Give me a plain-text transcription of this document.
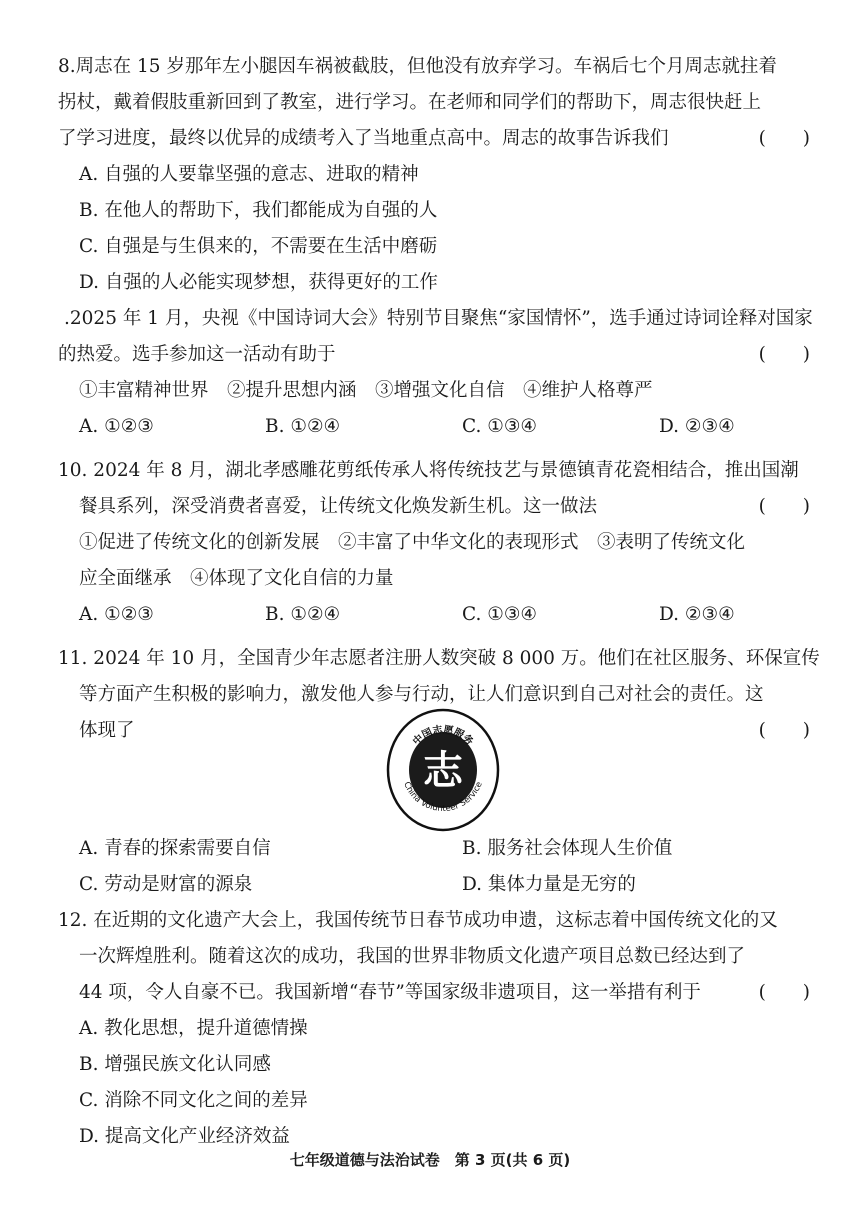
8.周志在 15 岁那年左小腿因车祸被截肢，但他没有放弃学习。车祸后七个月周志就拄着
拐杖，戴着假肢重新回到了教室，进行学习。在老师和同学们的帮助下，周志很快赶上
了学习进度，最终以优异的成绩考入了当地重点高中。周志的故事告诉我们	(　　)
A. 自强的人要靠坚强的意志、进取的精神
B. 在他人的帮助下，我们都能成为自强的人
C. 自强是与生俱来的，不需要在生活中磨砺
D. 自强的人必能实现梦想，获得更好的工作
.2025 年 1 月，央视《中国诗词大会》特别节目聚焦“家国情怀”，选手通过诗词诠释对国家
的热爱。选手参加这一活动有助于	(　　)
①丰富精神世界　②提升思想内涵　③增强文化自信　④维护人格尊严
A. ①②③	B. ①②④	C. ①③④	D. ②③④
10. 2024 年 8 月，湖北孝感雕花剪纸传承人将传统技艺与景德镇青花瓷相结合，推出国潮
餐具系列，深受消费者喜爱，让传统文化焕发新生机。这一做法	(　　)
①促进了传统文化的创新发展　②丰富了中华文化的表现形式　③表明了传统文化
应全面继承　④体现了文化自信的力量
A. ①②③	B. ①②④	C. ①③④	D. ②③④
11. 2024 年 10 月，全国青少年志愿者注册人数突破 8 000 万。他们在社区服务、环保宣传
等方面产生积极的影响力，激发他人参与行动，让人们意识到自己对社会的责任。这
体现了	(　　)
中国志愿服务
志
China Volunteer Service
A. 青春的探索需要自信	B. 服务社会体现人生价值
C. 劳动是财富的源泉	D. 集体力量是无穷的
12. 在近期的文化遗产大会上，我国传统节日春节成功申遗，这标志着中国传统文化的又
一次辉煌胜利。随着这次的成功，我国的世界非物质文化遗产项目总数已经达到了
44 项，令人自豪不已。我国新增“春节”等国家级非遗项目，这一举措有利于	(　　)
A. 教化思想，提升道德情操
B. 增强民族文化认同感
C. 消除不同文化之间的差异
D. 提高文化产业经济效益
七年级道德与法治试卷　第 3 页(共 6 页)
